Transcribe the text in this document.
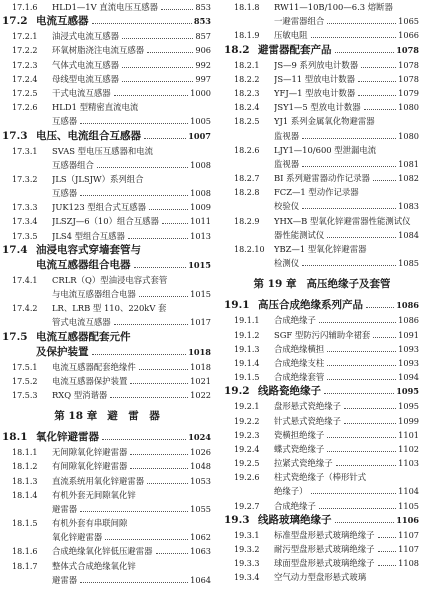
17.1.6	HLD1—1V 直流电压互感器	853
17.2 电流互感器	853
17.2.1	油浸式电流互感器	857
17.2.2	环氧树脂浇注电流互感器	906
17.2.3	气体式电流互感器	992
17.2.4	母线型电流互感器	997
17.2.5	干式电流互感器	1000
17.2.6	HLD1 型精密直流电流
互感器	1005
17.3 电压、电流组合互感器	1007
17.3.1	SVAS 型电压互感器和电流
互感器组合	1008
17.3.2	JLS（JLSJW）系列组合
互感器	1008
17.3.3	JUK123 型组合式互感器	1009
17.3.4	JLSZJ—6（10）组合互感器	1011
17.3.5	JLS4 型组合互感器	1013
17.4 油浸电容式穿墙套管与
电流互感器组合电器	1015
17.4.1	CRLR（Q）型油浸电容式套管
与电流互感器组合电器	1015
17.4.2	LR、LRB 型 110、220kV 套
管式电流互感器	1017
17.5 电流互感器配套元件
及保护装置	1018
17.5.1	电流互感器配套绝缘件	1018
17.5.2	电流互感器保护装置	1021
17.5.3	RXQ 型消谐器	1022
第 18 章 避　雷　器
18.1 氧化锌避雷器	1024
18.1.1	无间隙氧化锌避雷器	1026
18.1.2	有间隙氧化锌避雷器	1048
18.1.3	直流系统用氧化锌避雷器	1053
18.1.4	有机外套无间隙氧化锌
避雷器	1055
18.1.5	有机外套有串联间隙
氧化锌避雷器	1062
18.1.6	合成绝缘氧化锌低压避雷器	1063
18.1.7	整体式合成绝缘氧化锌
避雷器	1064
18.1.8	RW11—10B/100—6.3 熔断器
一避雷器组合	1065
18.1.9	压敏电阻	1066
18.2 避雷器配套产品	1078
18.2.1	JS—9 系列放电计数器	1078
18.2.2	JS—11 型放电计数器	1078
18.2.3	YFJ—1 型放电计数器	1079
18.2.4	JSY1—5 型放电计数器	1080
18.2.5	YJ1 系列金属氧化物避雷器
监视器	1080
18.2.6	LJY1—10/600 型泄漏电流
监视器	1081
18.2.7	BI 系列避雷器动作记录器	1082
18.2.8	FCZ—1 型动作记录器
校验仪	1083
18.2.9	YHX—B 型氧化锌避雷器性能测试仪
器性能测试仪	1084
18.2.10	YBZ—1 型氧化锌避雷器
检测仪	1085
第 19 章 高压绝缘子及套管
19.1 高压合成绝缘系列产品	1086
19.1.1	合成绝缘子	1086
19.1.2	SGF 型防污闪辅助伞裙套	1091
19.1.3	合成绝缘横担	1093
19.1.4	合成绝缘支柱	1093
19.1.5	合成绝缘套管	1094
19.2 线路瓷绝缘子	1095
19.2.1	盘形悬式瓷绝缘子	1095
19.2.2	针式悬式瓷绝缘子	1099
19.2.3	瓷横担绝缘子	1101
19.2.4	蝶式瓷绝缘子	1102
19.2.5	拉紧式瓷绝缘子	1103
19.2.6	柱式瓷绝缘子（棒形针式
绝缘子）	1104
19.2.7	合成绝缘子	1105
19.3 线路玻璃绝缘子	1106
19.3.1	标准型盘形悬式玻璃绝缘子	1107
19.3.2	耐污型盘形悬式玻璃绝缘子	1107
19.3.3	球面型盘形悬式玻璃绝缘子	1108
19.3.4	空气动力型盘形悬式玻璃
